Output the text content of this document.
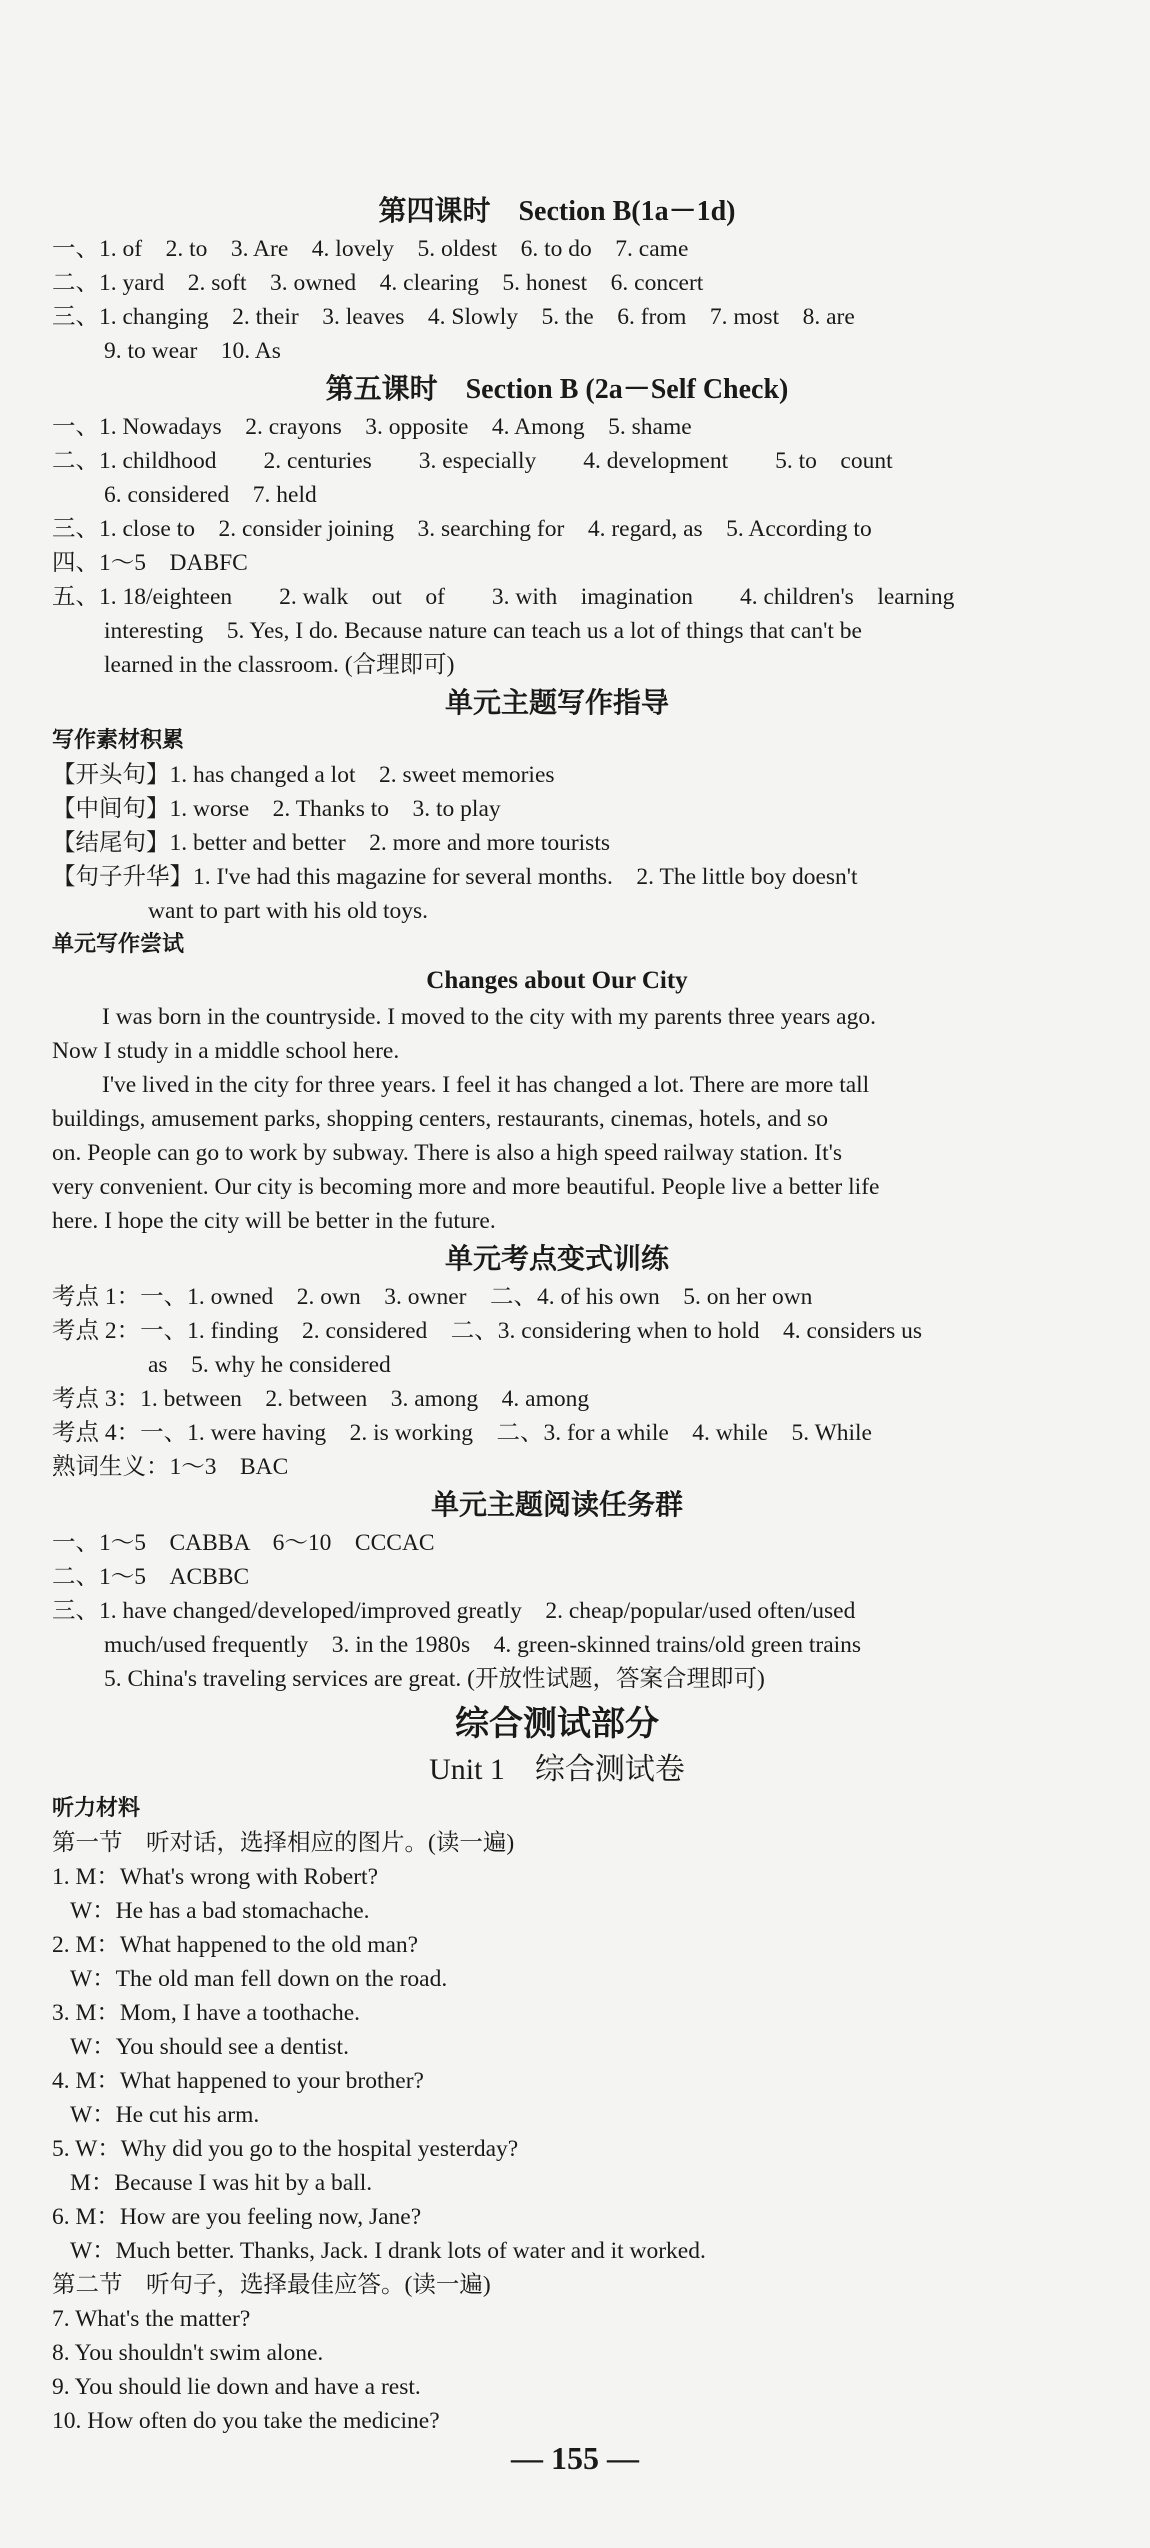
第四课时　Section B(1a－1d)
一、1. of　2. to　3. Are　4. lovely　5. oldest　6. to do　7. came
二、1. yard　2. soft　3. owned　4. clearing　5. honest　6. concert
三、1. changing　2. their　3. leaves　4. Slowly　5. the　6. from　7. most　8. are
9. to wear　10. As
第五课时　Section B (2a－Self Check)
一、1. Nowadays　2. crayons　3. opposite　4. Among　5. shame
二、1. childhood　　2. centuries　　3. especially　　4. development　　5. to　count
6. considered　7. held
三、1. close to　2. consider joining　3. searching for　4. regard, as　5. According to
四、1～5　DABFC
五、1. 18/eighteen　　2. walk　out　of　　3. with　imagination　　4. children's　learning
interesting　5. Yes, I do. Because nature can teach us a lot of things that can't be
learned in the classroom. (合理即可)
单元主题写作指导
写作素材积累
【开头句】1. has changed a lot　2. sweet memories
【中间句】1. worse　2. Thanks to　3. to play
【结尾句】1. better and better　2. more and more tourists
【句子升华】1. I've had this magazine for several months.　2. The little boy doesn't
want to part with his old toys.
单元写作尝试
Changes about Our City
I was born in the countryside. I moved to the city with my parents three years ago.
Now I study in a middle school here.
I've lived in the city for three years. I feel it has changed a lot. There are more tall
buildings, amusement parks, shopping centers, restaurants, cinemas, hotels, and so
on. People can go to work by subway. There is also a high speed railway station. It's
very convenient. Our city is becoming more and more beautiful. People live a better life
here. I hope the city will be better in the future.
单元考点变式训练
考点 1：一、1. owned　2. own　3. owner　二、4. of his own　5. on her own
考点 2：一、1. finding　2. considered　二、3. considering when to hold　4. considers us
as　5. why he considered
考点 3：1. between　2. between　3. among　4. among
考点 4：一、1. were having　2. is working　二、3. for a while　4. while　5. While
熟词生义：1～3　BAC
单元主题阅读任务群
一、1～5　CABBA　6～10　CCCAC
二、1～5　ACBBC
三、1. have changed/developed/improved greatly　2. cheap/popular/used often/used
much/used frequently　3. in the 1980s　4. green-skinned trains/old green trains
5. China's traveling services are great. (开放性试题，答案合理即可)
综合测试部分
Unit 1　综合测试卷
听力材料
第一节　听对话，选择相应的图片。(读一遍)
1. M：What's wrong with Robert?
W：He has a bad stomachache.
2. M：What happened to the old man?
W：The old man fell down on the road.
3. M：Mom, I have a toothache.
W：You should see a dentist.
4. M：What happened to your brother?
W：He cut his arm.
5. W：Why did you go to the hospital yesterday?
M：Because I was hit by a ball.
6. M：How are you feeling now, Jane?
W：Much better. Thanks, Jack. I drank lots of water and it worked.
第二节　听句子，选择最佳应答。(读一遍)
7. What's the matter?
8. You shouldn't swim alone.
9. You should lie down and have a rest.
10. How often do you take the medicine?
— 155 —
